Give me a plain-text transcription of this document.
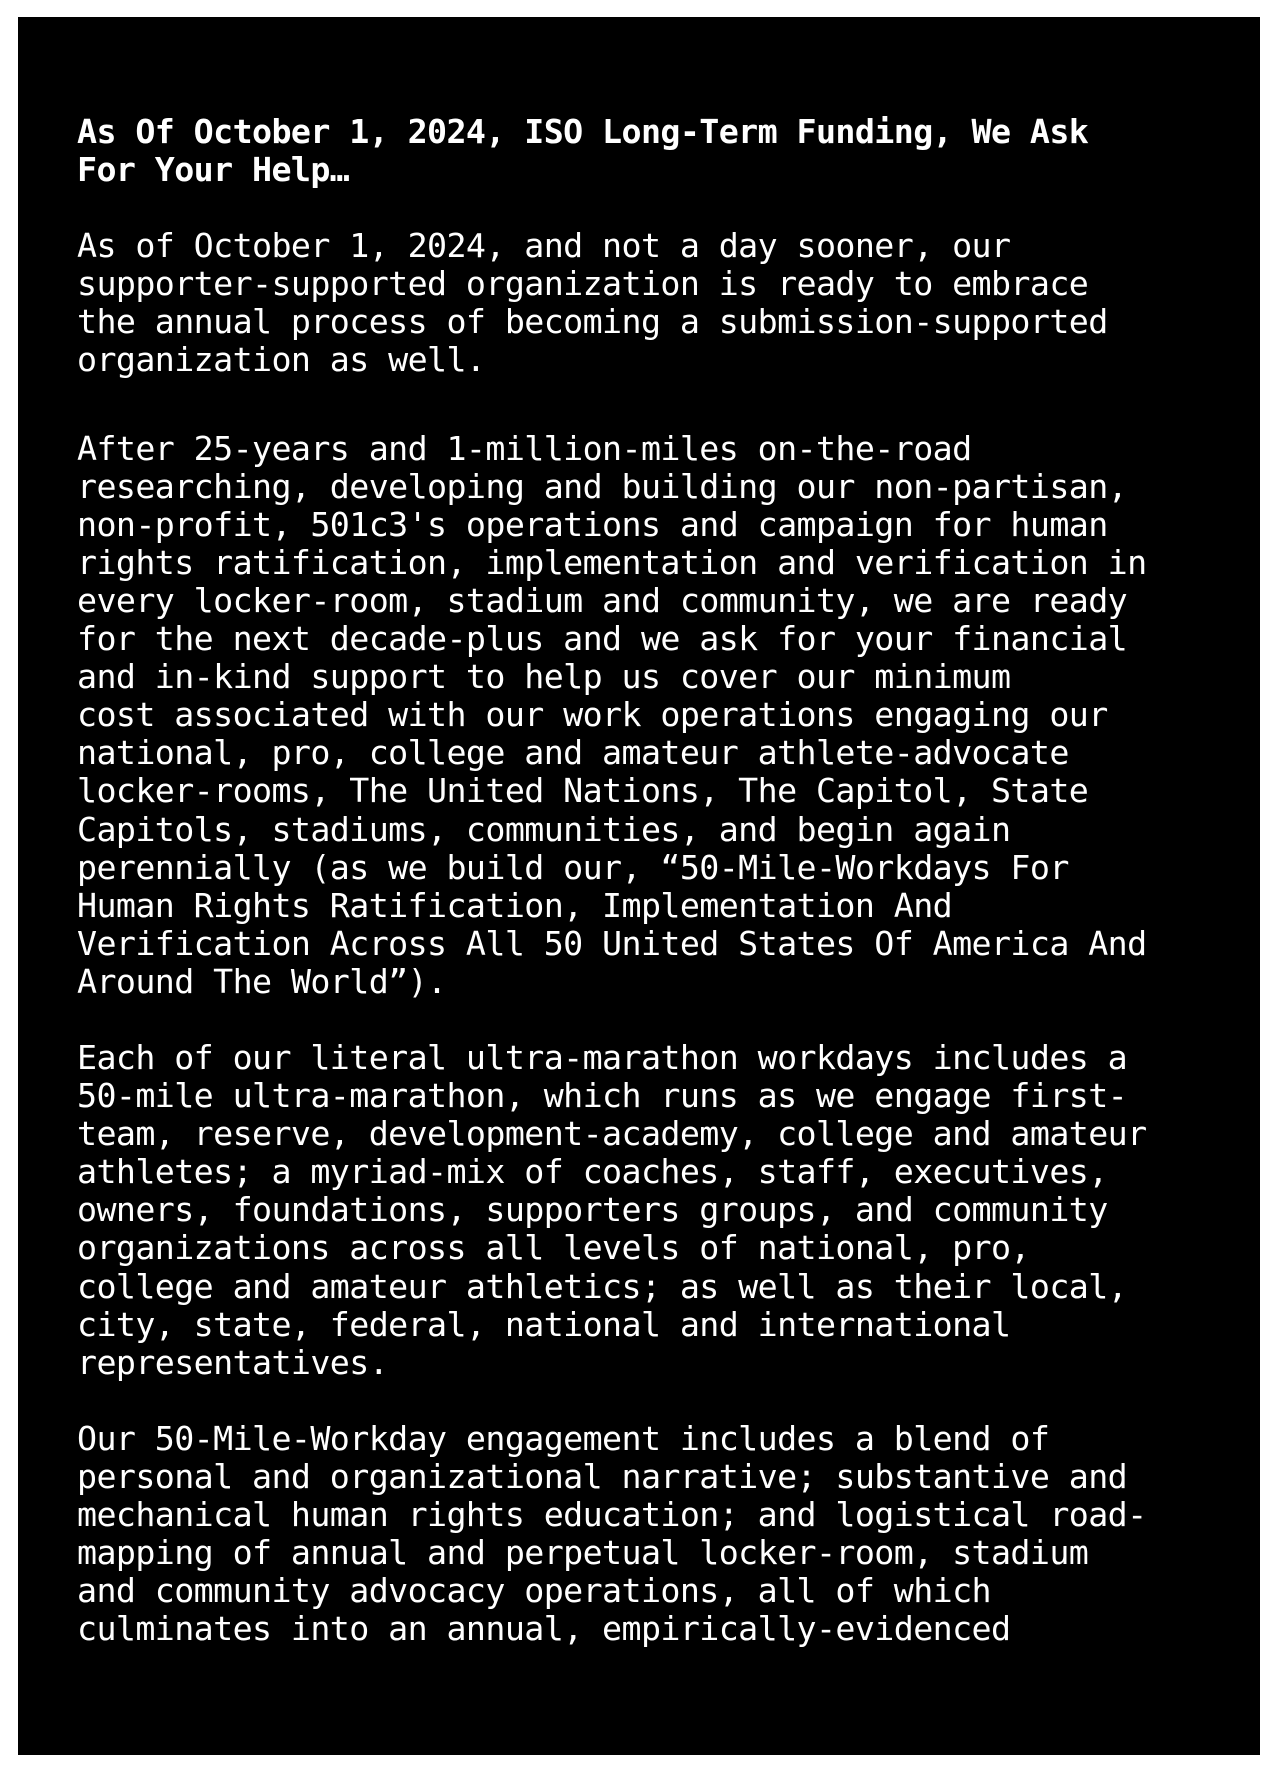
As Of October 1, 2024, ISO Long-Term Funding, We Ask
For Your Help…
As of October 1, 2024, and not a day sooner, our
supporter-supported organization is ready to embrace
the annual process of becoming a submission-supported
organization as well.
After 25-years and 1-million-miles on-the-road
researching, developing and building our non-partisan,
non-profit, 501c3's operations and campaign for human
rights ratification, implementation and verification in
every locker-room, stadium and community, we are ready
for the next decade-plus and we ask for your financial
and in-kind support to help us cover our minimum
cost associated with our work operations engaging our
national, pro, college and amateur athlete-advocate
locker-rooms, The United Nations, The Capitol, State
Capitols, stadiums, communities, and begin again
perennially (as we build our, “50-Mile-Workdays For
Human Rights Ratification, Implementation And
Verification Across All 50 United States Of America And
Around The World”).
Each of our literal ultra-marathon workdays includes a
50-mile ultra-marathon, which runs as we engage first-
team, reserve, development-academy, college and amateur
athletes; a myriad-mix of coaches, staff, executives,
owners, foundations, supporters groups, and community
organizations across all levels of national, pro,
college and amateur athletics; as well as their local,
city, state, federal, national and international
representatives.
Our 50-Mile-Workday engagement includes a blend of
personal and organizational narrative; substantive and
mechanical human rights education; and logistical road-
mapping of annual and perpetual locker-room, stadium
and community advocacy operations, all of which
culminates into an annual, empirically-evidenced
